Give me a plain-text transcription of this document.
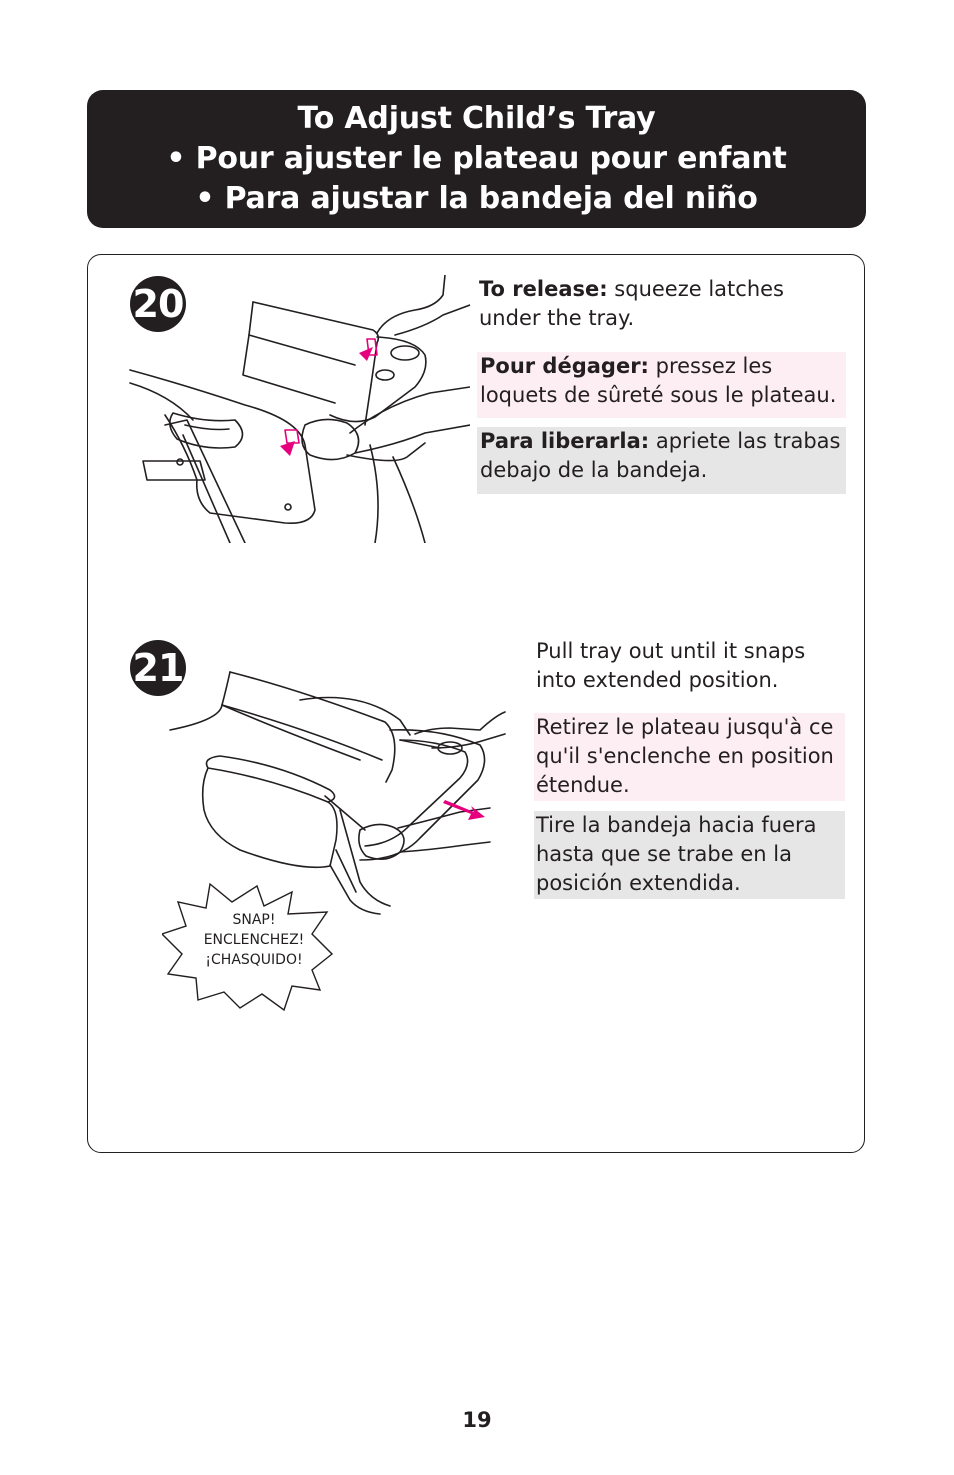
To Adjust Child’s Tray
• Pour ajuster le plateau pour enfant
• Para ajustar la bandeja del niño
20	To release: squeeze latches under the tray.
Pour dégager: pressez les loquets de sûreté sous le plateau.
Para liberarla: apriete las trabas debajo de la bandeja.
21
SNAP!
ENCLENCHEZ!
¡CHASQUIDO!
Pull tray out until it snaps into extended position.
Retirez le plateau jusqu'à ce qu'il s'enclenche en position étendue.
Tire la bandeja hacia fuera hasta que se trabe en la posición extendida.
19
